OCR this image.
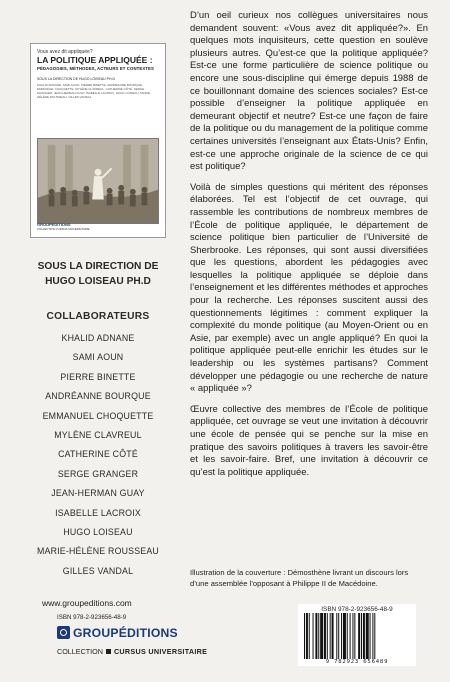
Vous avez dit appliquée?
LA POLITIQUE APPLIQUÉE :
PÉDAGOGIES, MÉTHODES, ACTEURS ET CONTEXTES
SOUS LA DIRECTION DE HUGO LOISEAU PH.D
KHALID ADNANE, SAMI AOUN, PIERRE BINETTE, ANDRÉANNE BOURQUE, EMMANUEL CHOQUETTE, MYLÈNE CLAVREUL, CATHERINE CÔTÉ, SERGE GRANGER, JEAN-HERMAN GUAY, ISABELLE LACROIX, HUGO LOISEAU, MARIE-HÉLÈNE ROUSSEAU, GILLES VANDAL
GROUPÉDITIONS
COLLECTION CURSUS UNIVERSITAIRE
SOUS LA DIRECTION DE
HUGO LOISEAU PH.D
COLLABORATEURS
KHALID ADNANE
SAMI AOUN
PIERRE BINETTE
ANDRÉANNE BOURQUE
EMMANUEL CHOQUETTE
MYLÈNE CLAVREUL
CATHERINE CÔTÉ
SERGE GRANGER
JEAN-HERMAN GUAY
ISABELLE LACROIX
HUGO LOISEAU
MARIE-HÉLÈNE ROUSSEAU
GILLES VANDAL

D’un oeil curieux nos collègues universitaires nous demandent souvent: «Vous avez dit appliquée?». En quelques mots inquisiteurs, cette question en soulève plusieurs autres. Qu’est-ce que la politique appliquée? Est-ce une forme particulière de science politique ou encore une sous-discipline qui émerge depuis 1988 de ce bouillonnant domaine des sciences sociales? Est-ce possible d’enseigner la politique appliquée en demeurant objectif et neutre? Est-ce une façon de faire de la politique ou du management de la politique comme certaines universités l’enseignant aux États-Unis? Enfin, est-ce une approche originale de la science de ce qui est politique?

Voilà de simples questions qui méritent des réponses élaborées. Tel est l’objectif de cet ouvrage, qui rassemble les contributions de nombreux membres de l’École de politique appliquée, le département de science politique bien particulier de l’Université de Sherbrooke. Les réponses, qui sont aussi diversifiées que les questions, abordent les pédagogies avec lesquelles la politique appliquée se déploie dans l’enseignement et les différentes méthodes et approches pour la recherche. Les réponses suscitent aussi des questionnements légitimes : comment expliquer la complexité du monde politique (au Moyen-Orient ou en Asie, par exemple) avec un angle appliqué? En quoi la politique appliquée peut-elle enrichir les études sur le leadership ou les systèmes partisans? Comment développer une pédagogie ou une recherche de nature « appliquée »?

Œuvre collective des membres de l’École de politique appliquée, cet ouvrage se veut une invitation à découvrir une école de pensée qui se penche sur la mise en pratique des savoirs politiques à travers les savoir-être et les savoir-faire. Bref, une invitation à découvrir ce qu’est la politique appliquée.

Illustration de la couverture : Démosthène livrant un discours lors d’une assemblée l’opposant à Philippe II de Macédoine.
www.groupeditions.com
ISBN 978-2-923656-48-9
GROUPÉDITIONS
COLLECTION CURSUS UNIVERSITAIRE
ISBN 978-2-923656-48-9
9 782923 656489
